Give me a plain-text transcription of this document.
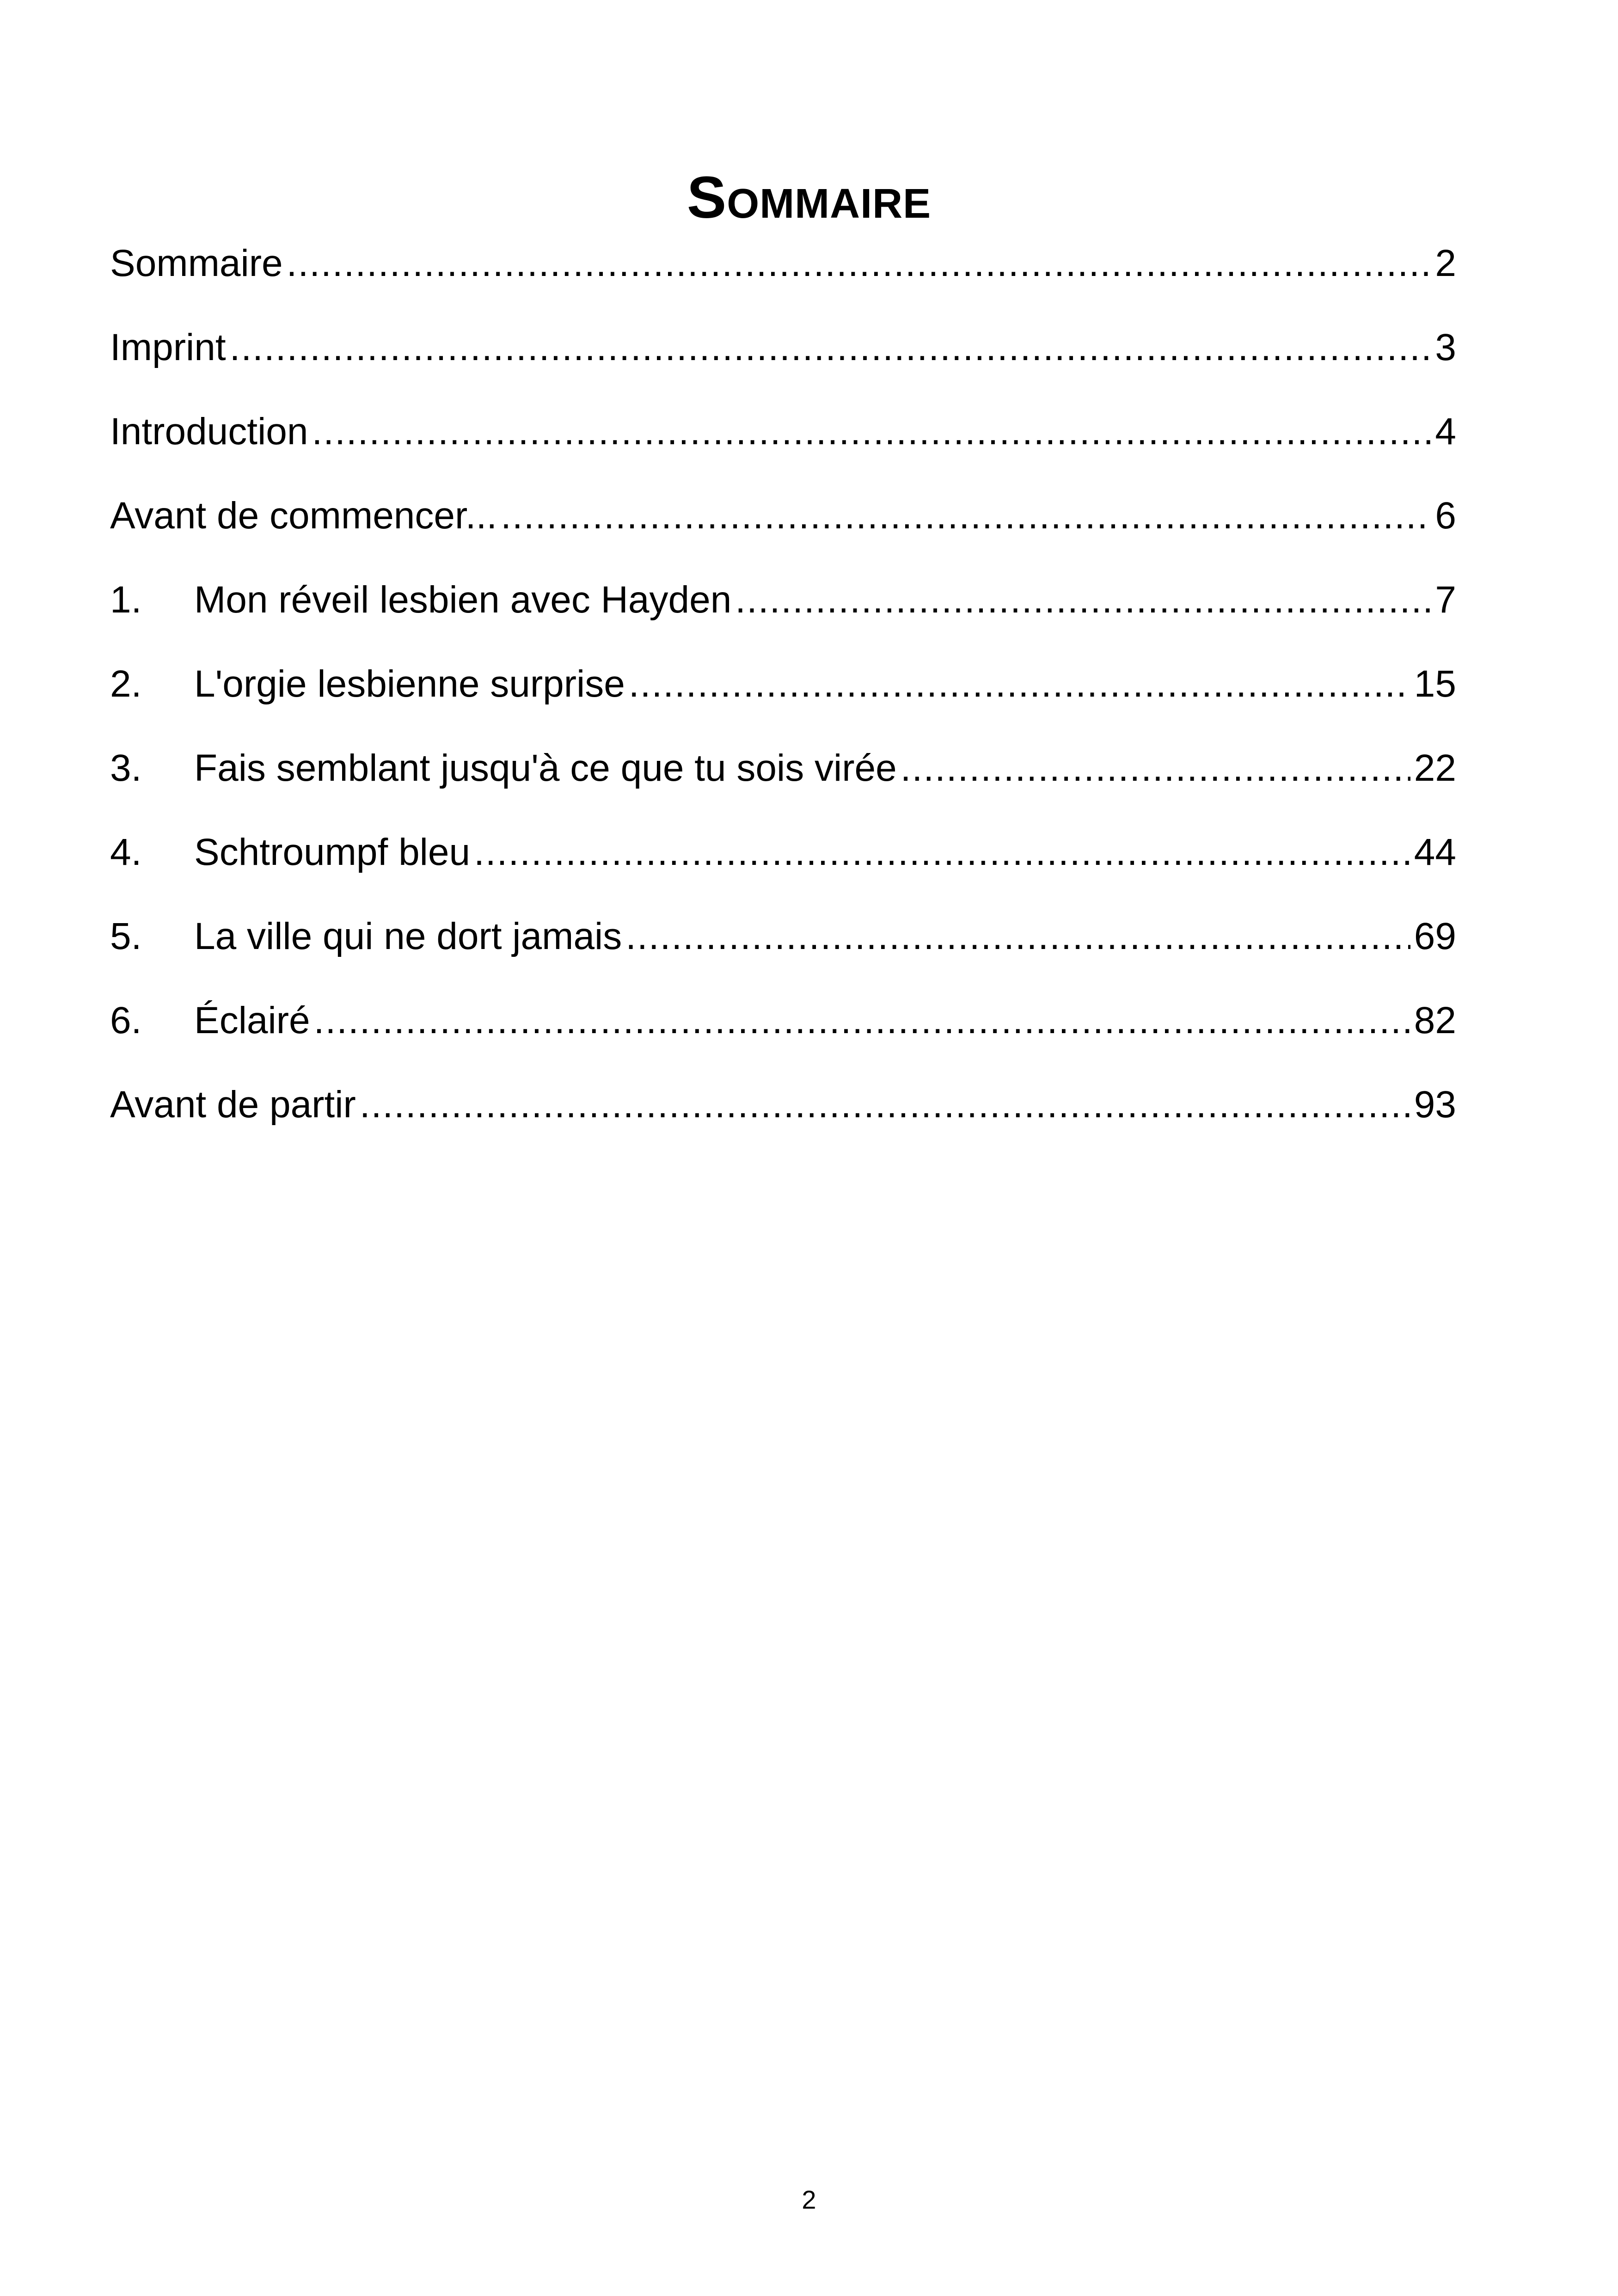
Sommaire
Sommaire .....	2
Imprint .....	3
Introduction .....	4
Avant de commencer... .....	6
1.	Mon réveil lesbien avec Hayden .....	7
2.	L'orgie lesbienne surprise .....	15
3.	Fais semblant jusqu'à ce que tu sois virée .....	22
4.	Schtroumpf bleu .....	44
5.	La ville qui ne dort jamais .....	69
6.	Éclairé .....	82
Avant de partir .....	93
2
